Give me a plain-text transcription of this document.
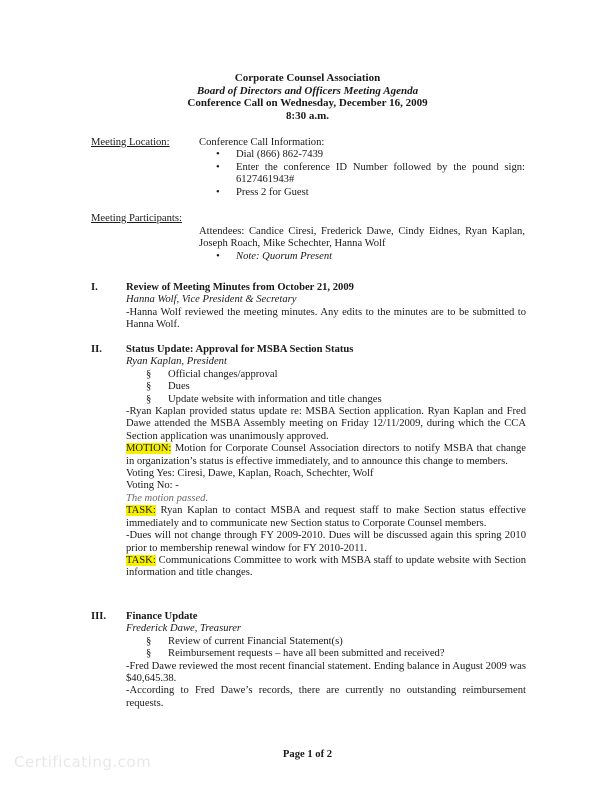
Corporate Counsel Association
Board of Directors and Officers Meeting Agenda
Conference Call on Wednesday, December 16, 2009
8:30 a.m.
Meeting Location:	Conference Call Information:
• Dial (866) 862-7439
• Enter the conference ID Number followed by the pound sign: 6127461943#
• Press 2 for Guest
Meeting Participants:
Attendees: Candice Ciresi, Frederick Dawe, Cindy Eidnes, Ryan Kaplan, Joseph Roach, Mike Schechter, Hanna Wolf
• Note: Quorum Present
I.	Review of Meeting Minutes from October 21, 2009
Hanna Wolf, Vice President & Secretary
-Hanna Wolf reviewed the meeting minutes. Any edits to the minutes are to be submitted to Hanna Wolf.
II. Status Update: Approval for MSBA Section Status
Ryan Kaplan, President
§ Official changes/approval
§ Dues
§ Update website with information and title changes
-Ryan Kaplan provided status update re: MSBA Section application. Ryan Kaplan and Fred Dawe attended the MSBA Assembly meeting on Friday 12/11/2009, during which the CCA Section application was unanimously approved.
MOTION: Motion for Corporate Counsel Association directors to notify MSBA that change in organization’s status is effective immediately, and to announce this change to members.
Voting Yes: Ciresi, Dawe, Kaplan, Roach, Schechter, Wolf
Voting No: -
The motion passed.
TASK: Ryan Kaplan to contact MSBA and request staff to make Section status effective immediately and to communicate new Section status to Corporate Counsel members.
-Dues will not change through FY 2009-2010. Dues will be discussed again this spring 2010 prior to membership renewal window for FY 2010-2011.
TASK: Communications Committee to work with MSBA staff to update website with Section information and title changes.
III. Finance Update
Frederick Dawe, Treasurer
§ Review of current Financial Statement(s)
§ Reimbursement requests – have all been submitted and received?
-Fred Dawe reviewed the most recent financial statement. Ending balance in August 2009 was $40,645.38.
-According to Fred Dawe’s records, there are currently no outstanding reimbursement requests.
Page 1 of 2
Certificating.com
